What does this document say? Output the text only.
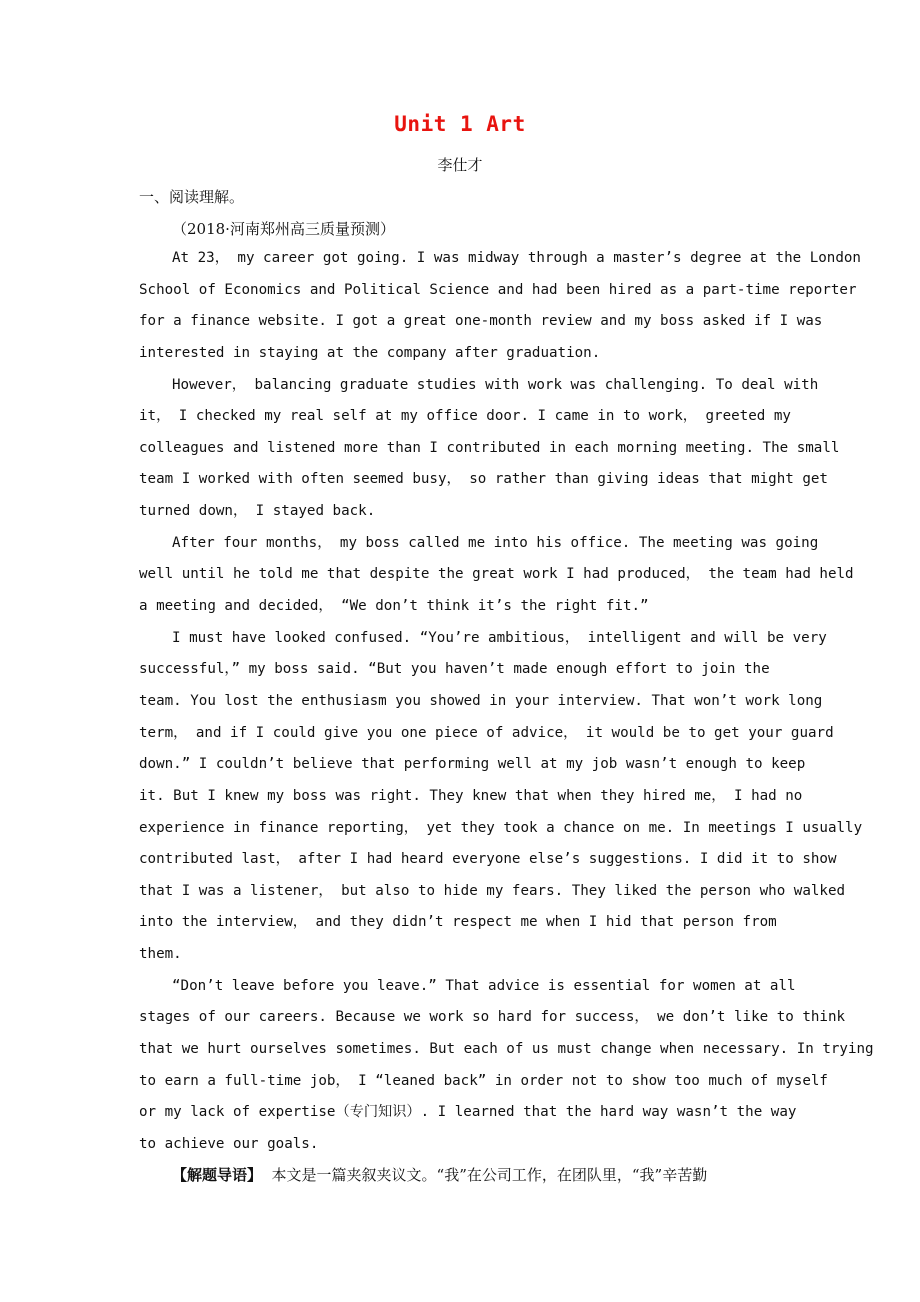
Unit 1 Art
李仕才
一、阅读理解。
（2018·河南郑州高三质量预测）
At 23， my career got going. I was midway through a master’s degree at the London
School of Economics and Political Science and had been hired as a part-time reporter
for a finance website. I got a great one-month review and my boss asked if I was
interested in staying at the company after graduation.
However， balancing graduate studies with work was challenging. To deal with
it， I checked my real self at my office door. I came in to work， greeted my
colleagues and listened more than I contributed in each morning meeting. The small
team I worked with often seemed busy， so rather than giving ideas that might get
turned down， I stayed back.
After four months， my boss called me into his office. The meeting was going
well until he told me that despite the great work I had produced， the team had held
a meeting and decided， “We don’t think it’s the right fit.”
I must have looked confused. “You’re ambitious， intelligent and will be very
successful，” my boss said. “But you haven’t made enough effort to join the
team. You lost the enthusiasm you showed in your interview. That won’t work long
term， and if I could give you one piece of advice， it would be to get your guard
down.” I couldn’t believe that performing well at my job wasn’t enough to keep
it. But I knew my boss was right. They knew that when they hired me， I had no
experience in finance reporting， yet they took a chance on me. In meetings I usually
contributed last， after I had heard everyone else’s suggestions. I did it to show
that I was a listener， but also to hide my fears. They liked the person who walked
into the interview， and they didn’t respect me when I hid that person from
them.
“Don’t leave before you leave.” That advice is essential for women at all
stages of our careers. Because we work so hard for success， we don’t like to think
that we hurt ourselves sometimes. But each of us must change when necessary. In trying
to earn a full-time job， I “leaned back” in order not to show too much of myself
or my lack of expertise（专门知识）. I learned that the hard way wasn’t the way
to achieve our goals.
【解题导语】  本文是一篇夹叙夹议文。“我”在公司工作，在团队里，“我”辛苦勤
